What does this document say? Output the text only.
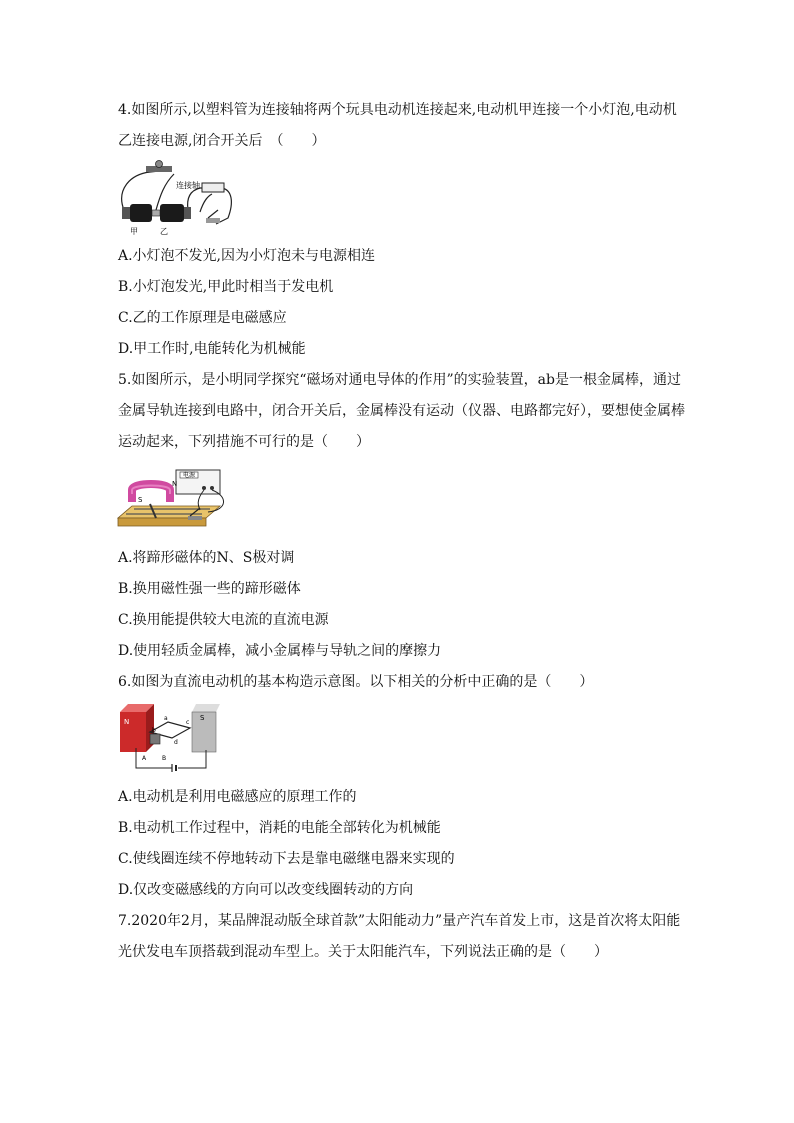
4.如图所示,以塑料管为连接轴将两个玩具电动机连接起来,电动机甲连接一个小灯泡,电动机
乙连接电源,闭合开关后　（　　）
连接轴
甲	乙
A.小灯泡不发光,因为小灯泡未与电源相连
B.小灯泡发光,甲此时相当于发电机
C.乙的工作原理是电磁感应
D.甲工作时,电能转化为机械能
5.如图所示，是小明同学探究“磁场对通电导体的作用”的实验装置，ab是一根金属棒，通过
金属导轨连接到电路中，闭合开关后，金属棒没有运动（仪器、电路都完好），要想使金属棒
运动起来，下列措施不可行的是（　　）
电源
N
S
A.将蹄形磁体的N、S极对调
B.换用磁性强一些的蹄形磁体
C.换用能提供较大电流的直流电源
D.使用轻质金属棒，减小金属棒与导轨之间的摩擦力
6.如图为直流电动机的基本构造示意图。以下相关的分析中正确的是（　　）
N	S
a
b
c
d
A	B
A.电动机是利用电磁感应的原理工作的
B.电动机工作过程中，消耗的电能全部转化为机械能
C.使线圈连续不停地转动下去是靠电磁继电器来实现的
D.仅改变磁感线的方向可以改变线圈转动的方向
7.2020年2月，某品牌混动版全球首款”太阳能动力”量产汽车首发上市，这是首次将太阳能
光伏发电车顶搭载到混动车型上。关于太阳能汽车，下列说法正确的是（　　）
